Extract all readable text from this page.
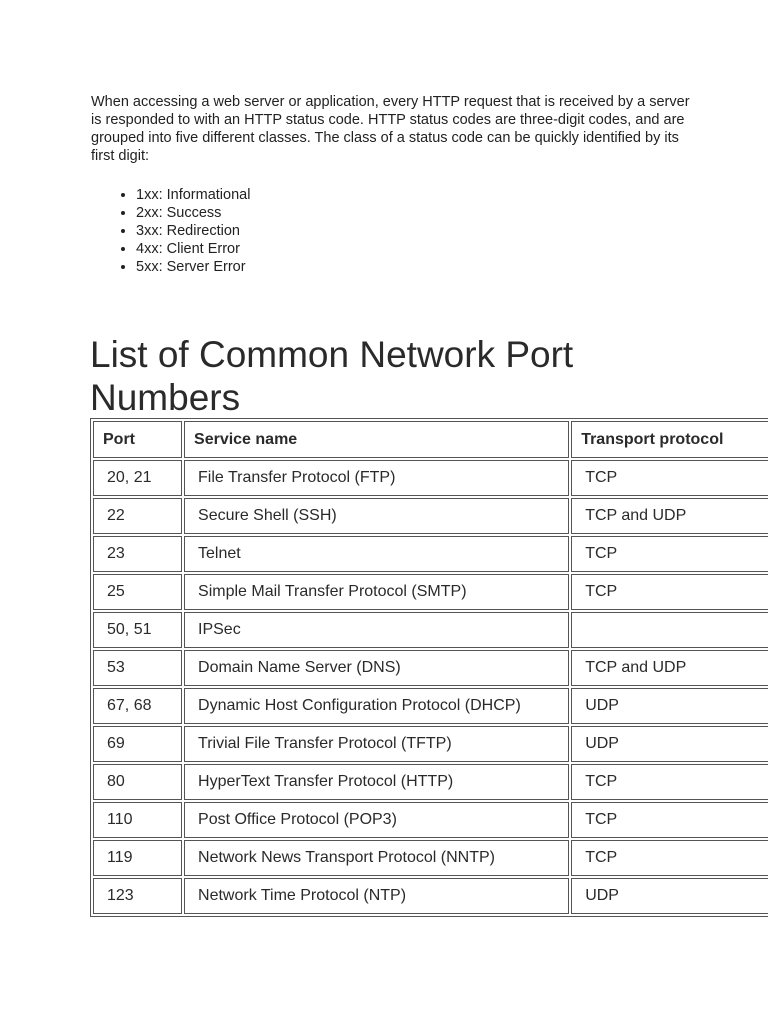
When accessing a web server or application, every HTTP request that is received by a server is responded to with an HTTP status code. HTTP status codes are three-digit codes, and are grouped into five different classes. The class of a status code can be quickly identified by its first digit:

• 1xx: Informational
• 2xx: Success
• 3xx: Redirection
• 4xx: Client Error
• 5xx: Server Error
List of Common Network Port Numbers
Port	Service name	Transport protocol
20, 21	File Transfer Protocol (FTP)	TCP
22	Secure Shell (SSH)	TCP and UDP
23	Telnet	TCP
25	Simple Mail Transfer Protocol (SMTP)	TCP
50, 51	IPSec	
53	Domain Name Server (DNS)	TCP and UDP
67, 68	Dynamic Host Configuration Protocol (DHCP)	UDP
69	Trivial File Transfer Protocol (TFTP)	UDP
80	HyperText Transfer Protocol (HTTP)	TCP
110	Post Office Protocol (POP3)	TCP
119	Network News Transport Protocol (NNTP)	TCP
123	Network Time Protocol (NTP)	UDP
